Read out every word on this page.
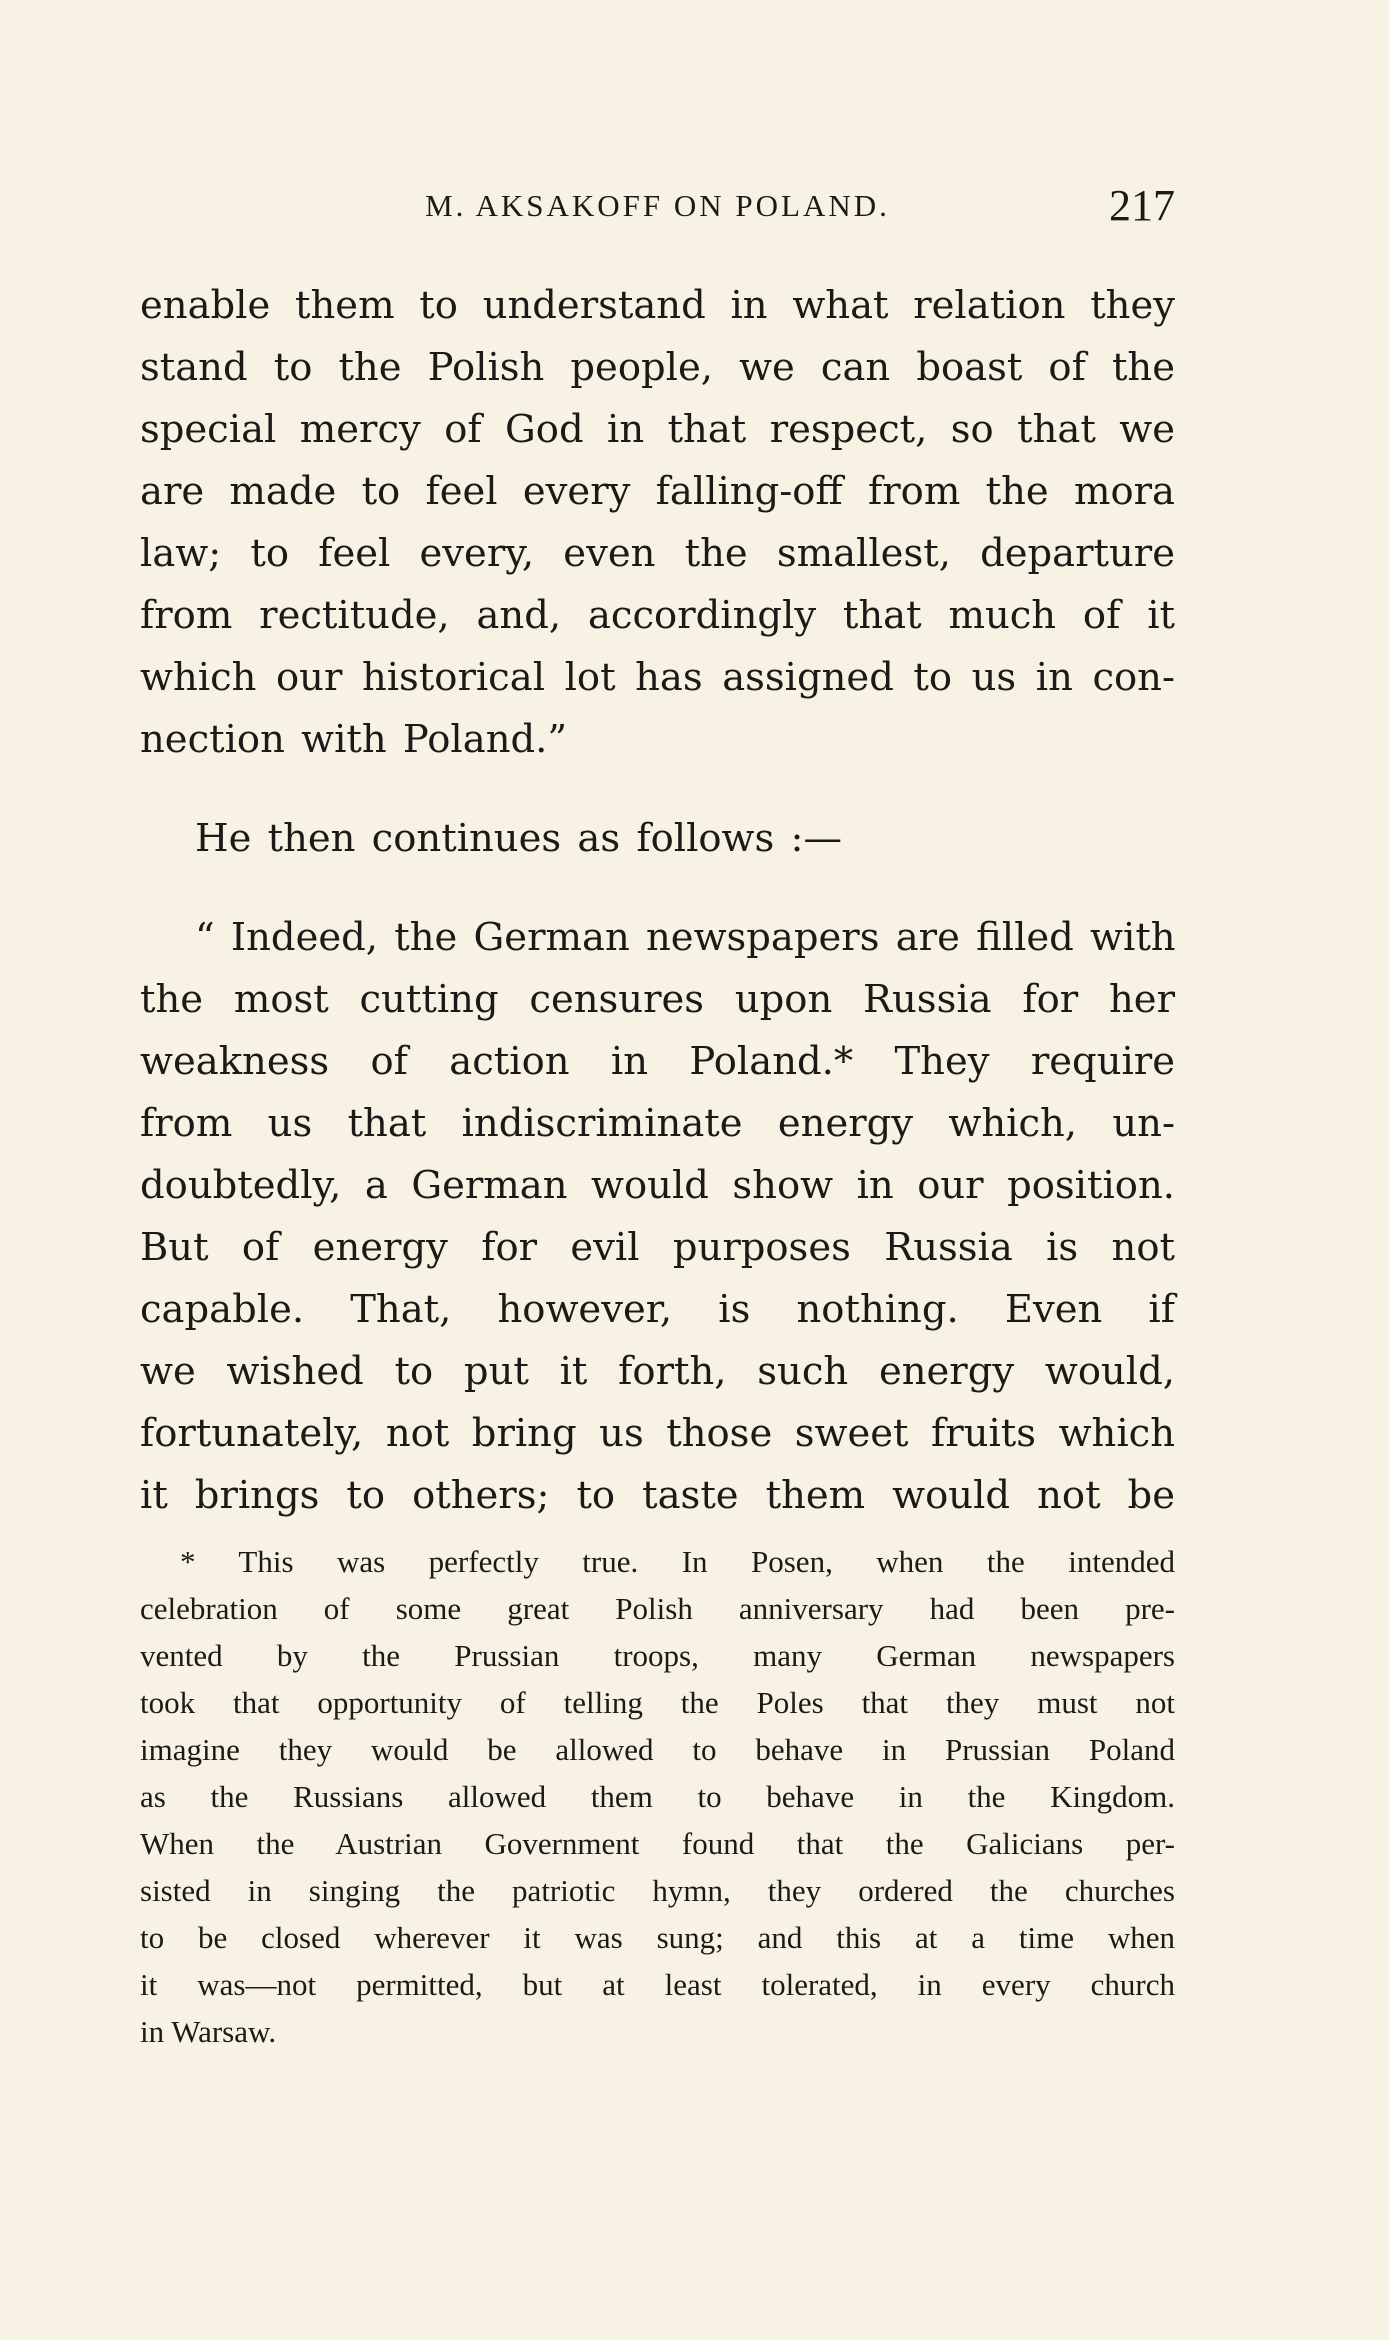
M. AKSAKOFF ON POLAND.	217
enable them to understand in what relation they
stand to the Polish people, we can boast of the
special mercy of God in that respect, so that we
are made to feel every falling-off from the mora
law; to feel every, even the smallest, departure
from rectitude, and, accordingly that much of it
which our historical lot has assigned to us in con-
nection with Poland.”
He then continues as follows :—
“ Indeed, the German newspapers are filled with
the most cutting censures upon Russia for her
weakness of action in Poland.* They require
from us that indiscriminate energy which, un-
doubtedly, a German would show in our position.
But of energy for evil purposes Russia is not
capable. That, however, is nothing. Even if
we wished to put it forth, such energy would,
fortunately, not bring us those sweet fruits which
it brings to others; to taste them would not be
* This was perfectly true. In Posen, when the intended
celebration of some great Polish anniversary had been pre-
vented by the Prussian troops, many German newspapers
took that opportunity of telling the Poles that they must not
imagine they would be allowed to behave in Prussian Poland
as the Russians allowed them to behave in the Kingdom.
When the Austrian Government found that the Galicians per-
sisted in singing the patriotic hymn, they ordered the churches
to be closed wherever it was sung; and this at a time when
it was—not permitted, but at least tolerated, in every church
in Warsaw.
